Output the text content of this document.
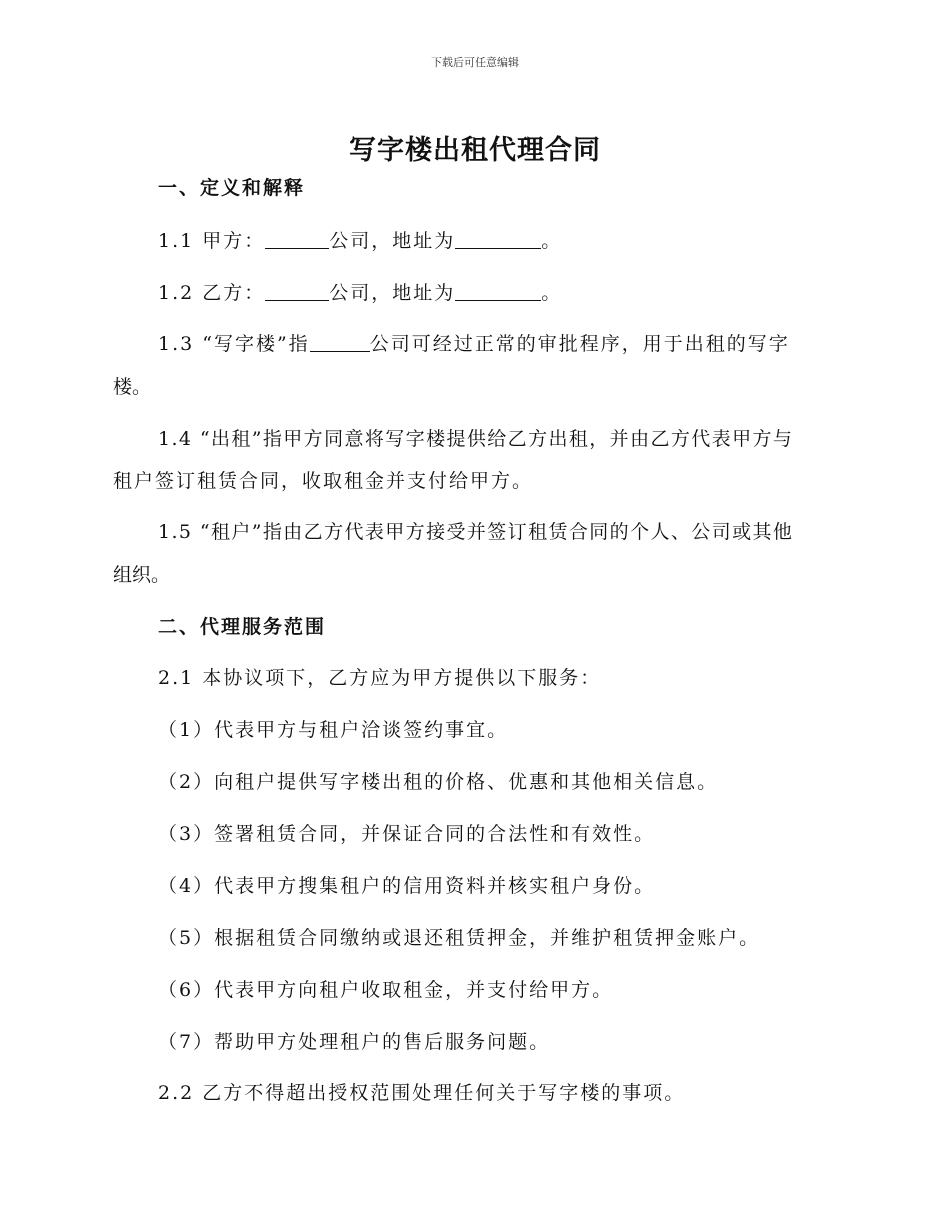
下载后可任意编辑
写字楼出租代理合同
一、定义和解释
1.1 甲方：	公司，地址为	。
1.2 乙方：	公司，地址为	。
1.3 “写字楼”指	公司可经过正常的审批程序，用于出租的写字
楼。
1.4 “出租”指甲方同意将写字楼提供给乙方出租，并由乙方代表甲方与
租户签订租赁合同，收取租金并支付给甲方。
1.5 “租户”指由乙方代表甲方接受并签订租赁合同的个人、公司或其他
组织。
二、代理服务范围
2.1 本协议项下，乙方应为甲方提供以下服务：
（1）代表甲方与租户洽谈签约事宜。
（2）向租户提供写字楼出租的价格、优惠和其他相关信息。
（3）签署租赁合同，并保证合同的合法性和有效性。
（4）代表甲方搜集租户的信用资料并核实租户身份。
（5）根据租赁合同缴纳或退还租赁押金，并维护租赁押金账户。
（6）代表甲方向租户收取租金，并支付给甲方。
（7）帮助甲方处理租户的售后服务问题。
2.2 乙方不得超出授权范围处理任何关于写字楼的事项。
